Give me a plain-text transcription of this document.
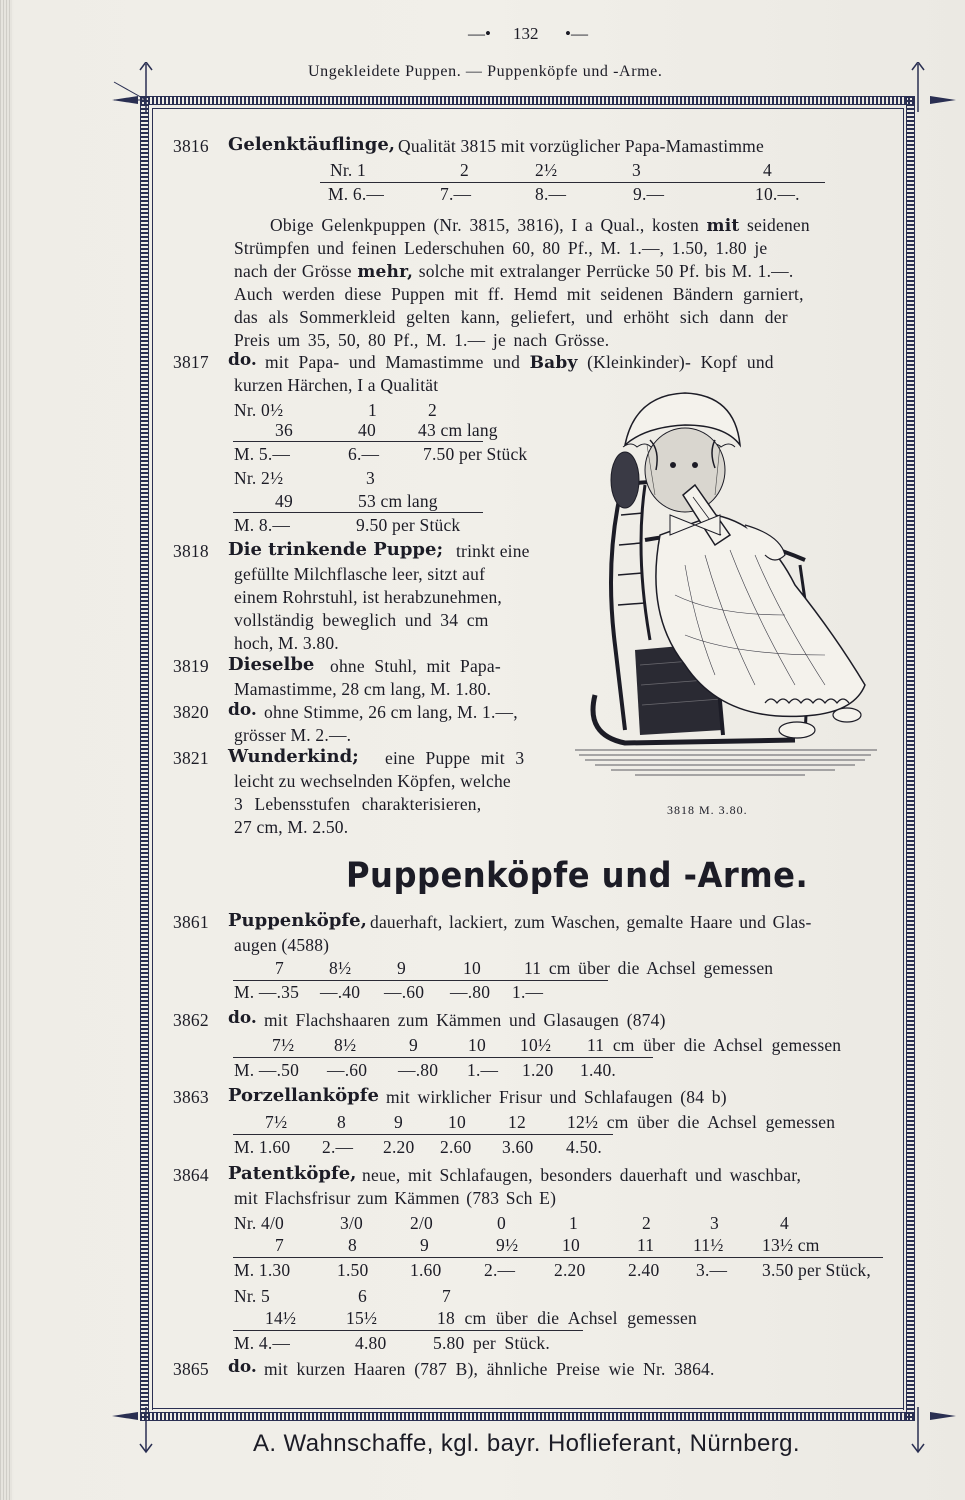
—• 132 •—
Ungekleidete Puppen. — Puppenköpfe und -Arme.
3816 Gelenktäuflinge, Qualität 3815 mit vorzüglicher Papa-Mamastimme
Nr. 1	2	2½	3	4
M. 6.—	7.—	8.—	9.—	10.—.
Obige Gelenkpuppen (Nr. 3815, 3816), I a Qual., kosten mit seidenen
Strümpfen und feinen Lederschuhen 60, 80 Pf., M. 1.—, 1.50, 1.80 je
nach der Grösse mehr, solche mit extralanger Perrücke 50 Pf. bis M. 1.—.
Auch werden diese Puppen mit ff. Hemd mit seidenen Bändern garniert,
das als Sommerkleid gelten kann, geliefert, und erhöht sich dann der
Preis um 35, 50, 80 Pf., M. 1.— je nach Grösse.
3817 do. mit Papa- und Mamastimme und Baby (Kleinkinder)- Kopf und
kurzen Härchen, I a Qualität
Nr. 0½	1	2
36	40 43 cm lang
M. 5.—	6.—	7.50 per Stück
Nr. 2½	3
49	53 cm lang
M. 8.—	9.50 per Stück
3818 Die trinkende Puppe; trinkt eine
gefüllte Milchflasche leer, sitzt auf
einem Rohrstuhl, ist herabzunehmen,
vollständig beweglich und 34 cm
hoch, M. 3.80.
3819 Dieselbe ohne Stuhl, mit Papa-
Mamastimme, 28 cm lang, M. 1.80.
3820 do. ohne Stimme, 26 cm lang, M. 1.—,
grösser M. 2.—.
3821 Wunderkind; eine Puppe mit 3
leicht zu wechselnden Köpfen, welche
3 Lebensstufen charakterisieren,
27 cm, M. 2.50.
3818 M. 3.80.
Puppenköpfe und -Arme.
3861 Puppenköpfe, dauerhaft, lackiert, zum Waschen, gemalte Haare und Glas-
augen (4588)
7	8½	9	10 11 cm über die Achsel gemessen
M. —.35 —.40 —.60 —.80 1.—
3862 do. mit Flachshaaren zum Kämmen und Glasaugen (874)
7½ 8½	9	10 10½ 11 cm über die Achsel gemessen
M. —.50 —.60 —.80 1.— 1.20 1.40.
3863 Porzellanköpfe mit wirklicher Frisur und Schlafaugen (84 b)
7½	8	9	10 12 12½ cm über die Achsel gemessen
M. 1.60 2.— 2.20 2.60 3.60 4.50.
3864 Patentköpfe, neue, mit Schlafaugen, besonders dauerhaft und waschbar,
mit Flachsfrisur zum Kämmen (783 Sch E)
Nr. 4/0	3/0	2/0	0	1	2	3	4
7	8	9	9½ 10	11 11½ 13½ cm
M. 1.30	1.50 1.60 2.— 2.20 2.40 3.— 3.50 per Stück,
Nr. 5	6	7
14½	15½	18 cm über die Achsel gemessen
M. 4.—	4.80	5.80 per Stück.
3865 do. mit kurzen Haaren (787 B), ähnliche Preise wie Nr. 3864.
A. Wahnschaffe, kgl. bayr. Hoflieferant, Nürnberg.
